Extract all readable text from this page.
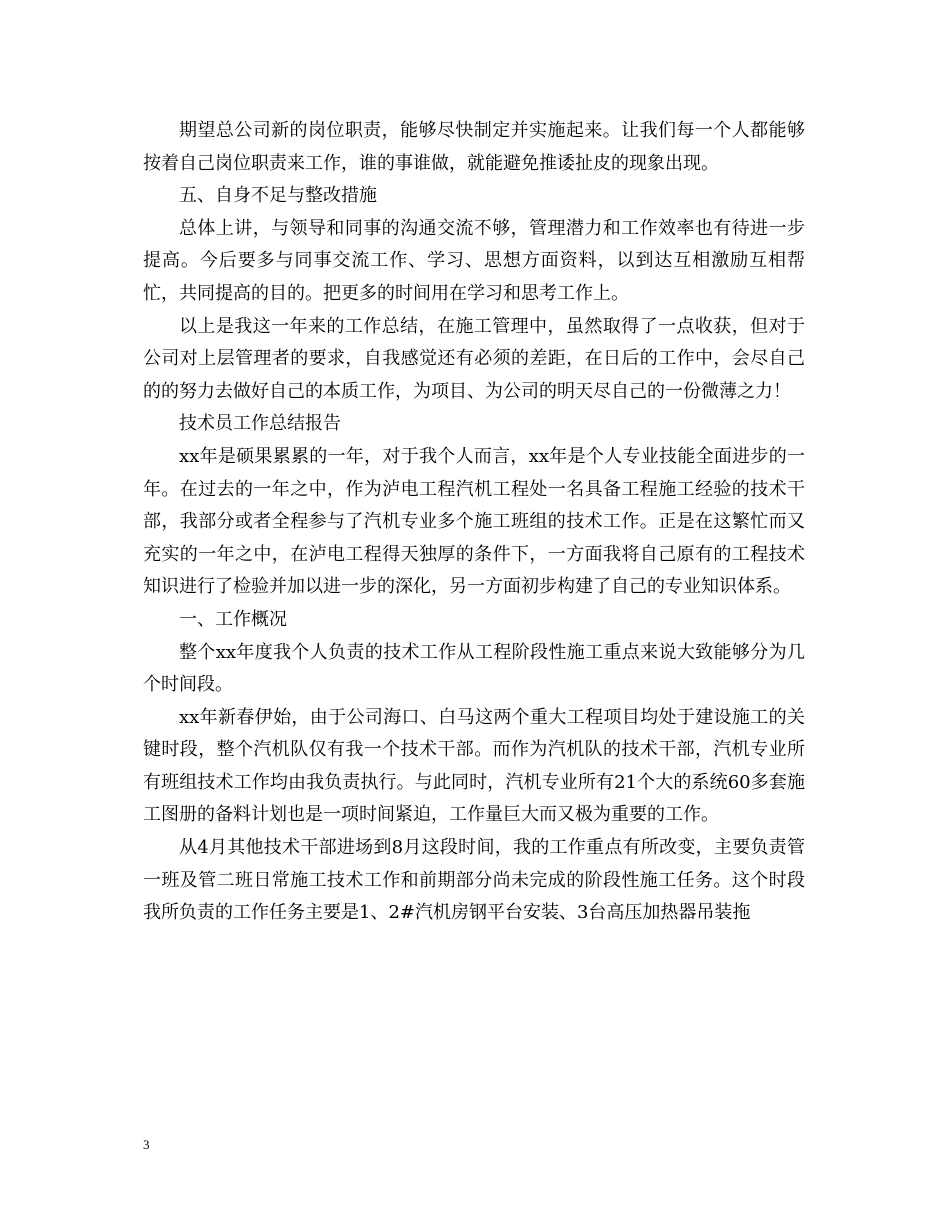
期望总公司新的岗位职责，能够尽快制定并实施起来。让我们每一个人都能够按着自己岗位职责来工作，谁的事谁做，就能避免推诿扯皮的现象出现。

五、自身不足与整改措施

总体上讲，与领导和同事的沟通交流不够，管理潜力和工作效率也有待进一步提高。今后要多与同事交流工作、学习、思想方面资料，以到达互相激励互相帮忙，共同提高的目的。把更多的时间用在学习和思考工作上。

以上是我这一年来的工作总结，在施工管理中，虽然取得了一点收获，但对于公司对上层管理者的要求，自我感觉还有必须的差距，在日后的工作中，会尽自己的的努力去做好自己的本质工作，为项目、为公司的明天尽自己的一份微薄之力！

技术员工作总结报告

xx年是硕果累累的一年，对于我个人而言，xx年是个人专业技能全面进步的一年。在过去的一年之中，作为泸电工程汽机工程处一名具备工程施工经验的技术干部，我部分或者全程参与了汽机专业多个施工班组的技术工作。正是在这繁忙而又充实的一年之中，在泸电工程得天独厚的条件下，一方面我将自己原有的工程技术知识进行了检验并加以进一步的深化，另一方面初步构建了自己的专业知识体系。

一、工作概况

整个xx年度我个人负责的技术工作从工程阶段性施工重点来说大致能够分为几个时间段。

xx年新春伊始，由于公司海口、白马这两个重大工程项目均处于建设施工的关键时段，整个汽机队仅有我一个技术干部。而作为汽机队的技术干部，汽机专业所有班组技术工作均由我负责执行。与此同时，汽机专业所有21个大的系统60多套施工图册的备料计划也是一项时间紧迫，工作量巨大而又极为重要的工作。

从4月其他技术干部进场到8月这段时间，我的工作重点有所改变，主要负责管一班及管二班日常施工技术工作和前期部分尚未完成的阶段性施工任务。这个时段我所负责的工作任务主要是1、2#汽机房钢平台安装、3台高压加热器吊装拖

3
